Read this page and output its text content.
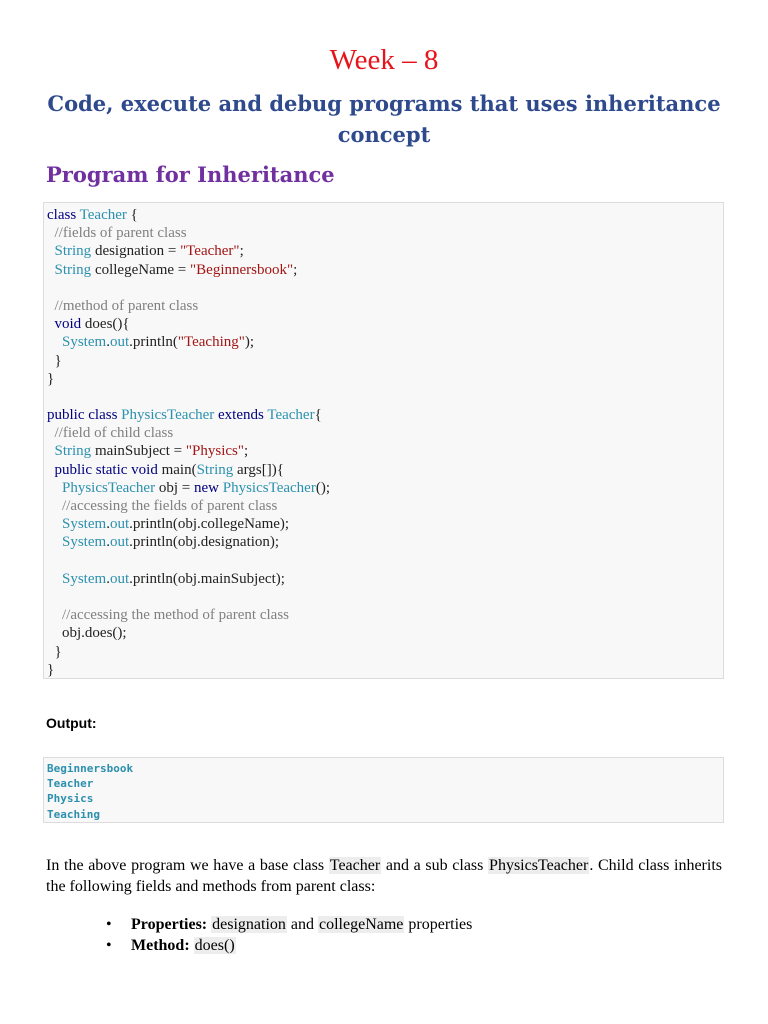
Week – 8
Code, execute and debug programs that uses inheritance concept
Program for Inheritance
class Teacher {
//fields of parent class
String designation = "Teacher";
String collegeName = "Beginnersbook";
//method of parent class
void does(){
System.out.println("Teaching");
}
}
public class PhysicsTeacher extends Teacher{
//field of child class
String mainSubject = "Physics";
public static void main(String args[]){
PhysicsTeacher obj = new PhysicsTeacher();
//accessing the fields of parent class
System.out.println(obj.collegeName);
System.out.println(obj.designation);
System.out.println(obj.mainSubject);
//accessing the method of parent class
obj.does();
}
}
Output:
Beginnersbook
Teacher
Physics
Teaching
In the above program we have a base class Teacher and a sub class PhysicsTeacher. Child class inherits the following fields and methods from parent class:
• Properties: designation and collegeName properties
• Method: does()
